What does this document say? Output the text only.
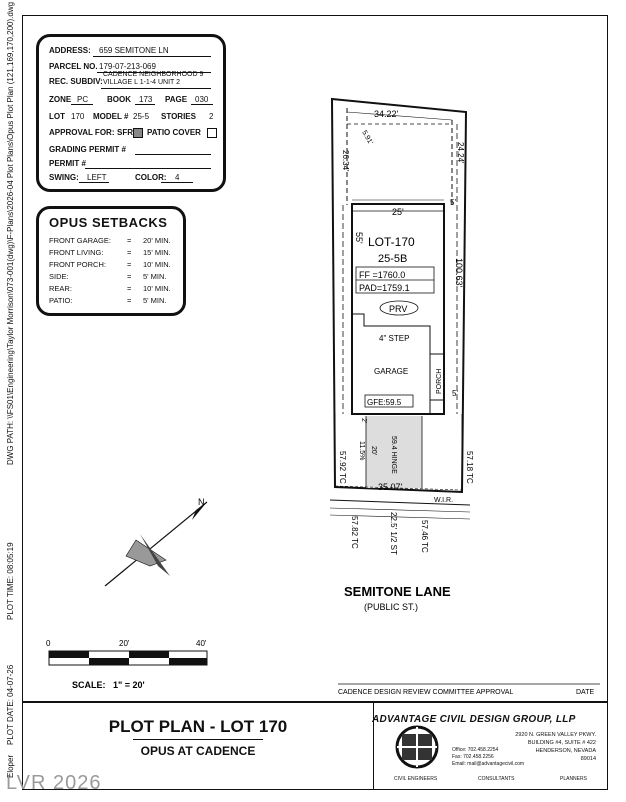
DWG PATH: \\FS01\Engineering\Taylor Morrison\073-001(dwg)\F-Plans\2026-04 Plot Plans\Opus Plot Plan (121,169,170,200).dwg
PLOT TIME: 08:05:19
PLOT DATE: 04-07-26
Eloper
ADDRESS: 659 SEMITONE LN
PARCEL NO. 179-07-213-069
REC. SUBDIV:
CADENCE NEIGHBORHOOD 9
VILLAGE L 1-1-4 UNIT 2
ZONE PC BOOK 173 PAGE 030
LOT 170 MODEL # 25-5 STORIES 2
APPROVAL FOR: SFR PATIO COVER
GRADING PERMIT #
PERMIT #
SWING: LEFT	COLOR: 4
OPUS SETBACKS
FRONT GARAGE: = 20' MIN.
FRONT LIVING:	= 15' MIN.
FRONT PORCH:	= 10' MIN.
SIDE:	= 5' MIN.
REAR:	= 10' MIN.
PATIO:	= 5' MIN.
34.22'
26.34'
5.91'
24.24'
25'
5'
55'
100.63'
LOT-170
25-5B
FF =1760.0
PAD=1759.1
PRV
4" STEP
GARAGE	PORCH
GFE:59.5
5'
2'
11.5% 20' 59.4 HINGE
57.92 TC	57.18 TC
35.07'
W.I.R.
57.82 TC	22.5' 1/2 ST	57.46 TC
SEMITONE LANE
(PUBLIC ST.)
N
0	20'	40'
SCALE: 1" = 20'
CADENCE DESIGN REVIEW COMMITTEE APPROVAL	DATE
PLOT PLAN - LOT 170
OPUS AT CADENCE
ADVANTAGE CIVIL DESIGN GROUP, LLP
2920 N. GREEN VALLEY PKWY.
BUILDING #4, SUITE # 422
HENDERSON, NEVADA
89014
Office: 702.458.2254
Fax: 702.458.2256
Email: mail@advantagecivil.com
CIVIL ENGINEERS	CONSULTANTS	PLANNERS
LVR 2026
